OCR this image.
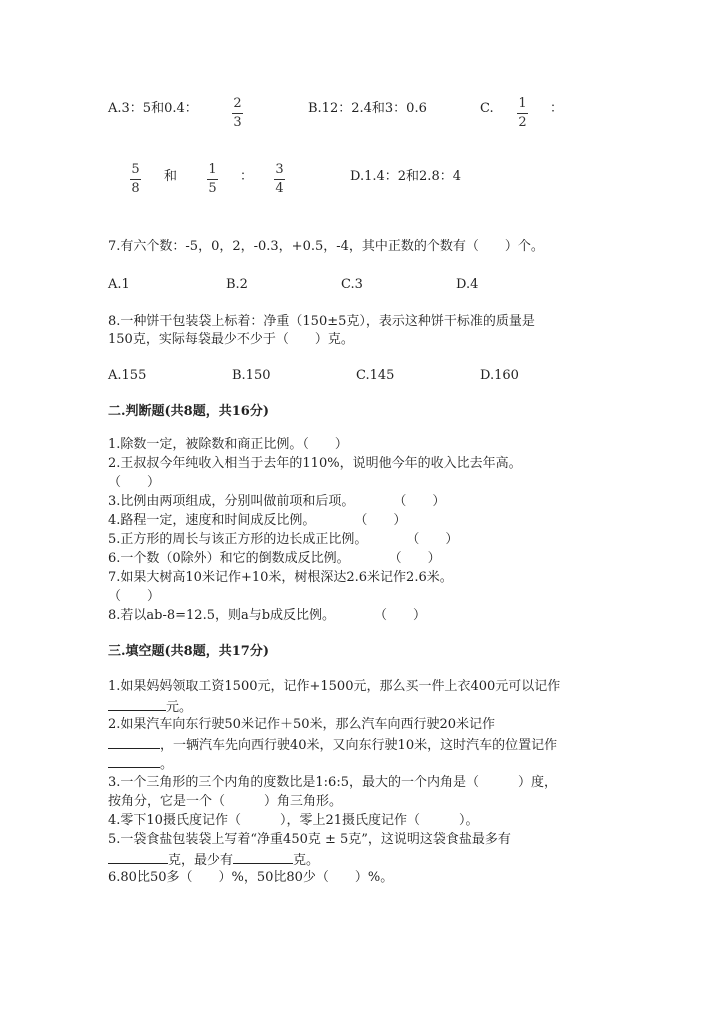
A.3：5和0.4：	2
3
B.12：2.4和3：0.6	C. 1
2
：
5
8
和 1
5
： 3
4
D.1.4：2和2.8：4
7.有六个数：-5，0，2，-0.3，+0.5，-4，其中正数的个数有（　　）个。
A.1	B.2	C.3	D.4
8.一种饼干包装袋上标着：净重（150±5克），表示这种饼干标准的质量是
150克，实际每袋最少不少于（　　）克。
A.155	B.150	C.145	D.160
二.判断题(共8题，共16分)
1.除数一定，被除数和商正比例。（　　）
2.王叔叔今年纯收入相当于去年的110%，说明他今年的收入比去年高。
（　　）
3.比例由两项组成，分别叫做前项和后项。　　　　（　　）
4.路程一定，速度和时间成反比例。　　　　（　　）
5.正方形的周长与该正方形的边长成正比例。　　　　（　　）
6.一个数（0除外）和它的倒数成反比例。　　　　（　　）
7.如果大树高10米记作+10米，树根深达2.6米记作2.6米。
（　　）
8.若以ab-8=12.5，则a与b成反比例。　　　　（　　）
三.填空题(共8题，共17分)
1.如果妈妈领取工资1500元，记作+1500元，那么买一件上衣400元可以记作
元。
2.如果汽车向东行驶50米记作＋50米，那么汽车向西行驶20米记作
，一辆汽车先向西行驶40米，又向东行驶10米，这时汽车的位置记作
。
3.一个三角形的三个内角的度数比是1:6:5，最大的一个内角是（　　　）度，
按角分，它是一个（　　　）角三角形。
4.零下10摄氏度记作（　　　），零上21摄氏度记作（　　　）。
5.一袋食盐包装袋上写着“净重450克 ± 5克”，这说明这袋食盐最多有
克，最少有	克。
6.80比50多（　　）%，50比80少（　　）%。
